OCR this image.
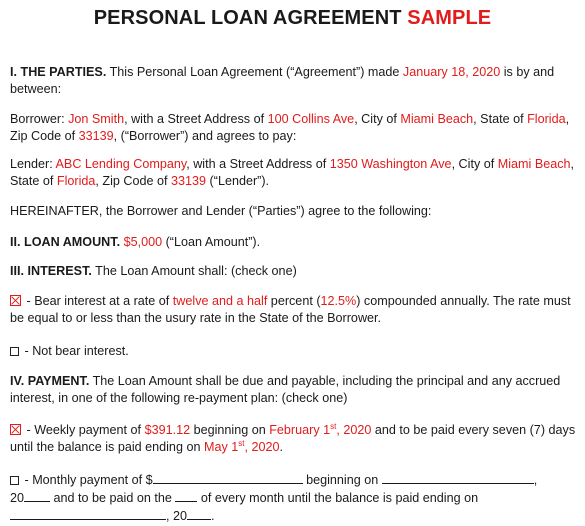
PERSONAL LOAN AGREEMENT SAMPLE

I. THE PARTIES. This Personal Loan Agreement (“Agreement”) made January 18, 2020 is by and between:

Borrower: Jon Smith, with a Street Address of 100 Collins Ave, City of Miami Beach, State of Florida, Zip Code of 33139, (“Borrower”) and agrees to pay:

Lender: ABC Lending Company, with a Street Address of 1350 Washington Ave, City of Miami Beach, State of Florida, Zip Code of 33139 (“Lender”).

HEREINAFTER, the Borrower and Lender (“Parties”) agree to the following:

II. LOAN AMOUNT. $5,000 (“Loan Amount”).

III. INTEREST. The Loan Amount shall: (check one)

- Bear interest at a rate of twelve and a half percent (12.5%) compounded annually. The rate must be equal to or less than the usury rate in the State of the Borrower.

- Not bear interest.

IV. PAYMENT. The Loan Amount shall be due and payable, including the principal and any accrued interest, in one of the following re-payment plan: (check one)

- Weekly payment of $391.12 beginning on February 1st, 2020 and to be paid every seven (7) days until the balance is paid ending on May 1st, 2020.

- Monthly payment of $	beginning on	,
20 and to be paid on the  of every month until the balance is paid ending on
, 20 .
